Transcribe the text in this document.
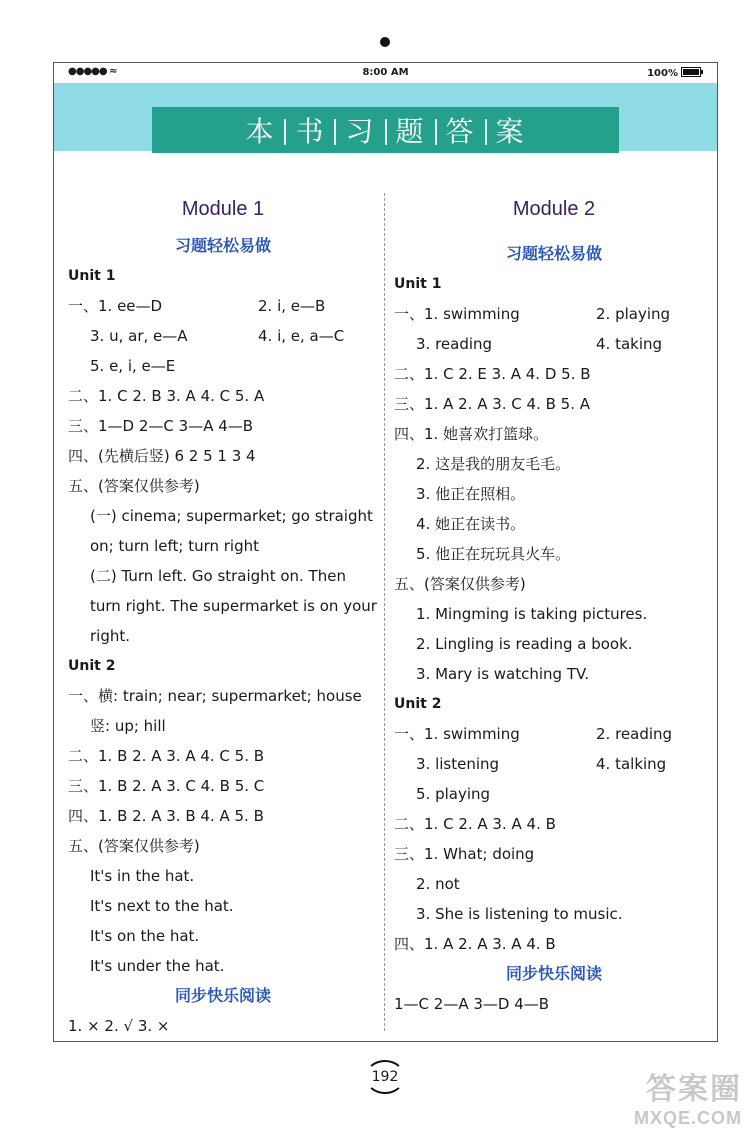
●●●●● ≈	8:00 AM	100%
本 书 习 题 答 案
Module 1
习题轻松易做
Unit 1
一、1. ee—D	2. i, e—B
3. u, ar, e—A	4. i, e, a—C
5. e, i, e—E
二、1. C 2. B 3. A 4. C 5. A
三、1—D 2—C 3—A 4—B
四、(先横后竖) 6 2 5 1 3 4
五、(答案仅供参考)
(一) cinema; supermarket; go straight
on; turn left; turn right
(二) Turn left. Go straight on. Then
turn right. The supermarket is on your
right.
Unit 2
一、横: train; near; supermarket; house
竖: up; hill
二、1. B 2. A 3. A 4. C 5. B
三、1. B 2. A 3. C 4. B 5. C
四、1. B 2. A 3. B 4. A 5. B
五、(答案仅供参考)
It's in the hat.
It's next to the hat.
It's on the hat.
It's under the hat.
同步快乐阅读
1. × 2. √ 3. ×
Module 2
习题轻松易做
Unit 1
一、1. swimming	2. playing
3. reading	4. taking
二、1. C 2. E 3. A 4. D 5. B
三、1. A 2. A 3. C 4. B 5. A
四、1. 她喜欢打篮球。
2. 这是我的朋友毛毛。
3. 他正在照相。
4. 她正在读书。
5. 他正在玩玩具火车。
五、(答案仅供参考)
1. Mingming is taking pictures.
2. Lingling is reading a book.
3. Mary is watching TV.
Unit 2
一、1. swimming	2. reading
3. listening	4. talking
5. playing
二、1. C 2. A 3. A 4. B
三、1. What; doing
2. not
3. She is listening to music.
四、1. A 2. A 3. A 4. B
同步快乐阅读
1—C 2—A 3—D 4—B
192	答案圈
MXQE.COM
